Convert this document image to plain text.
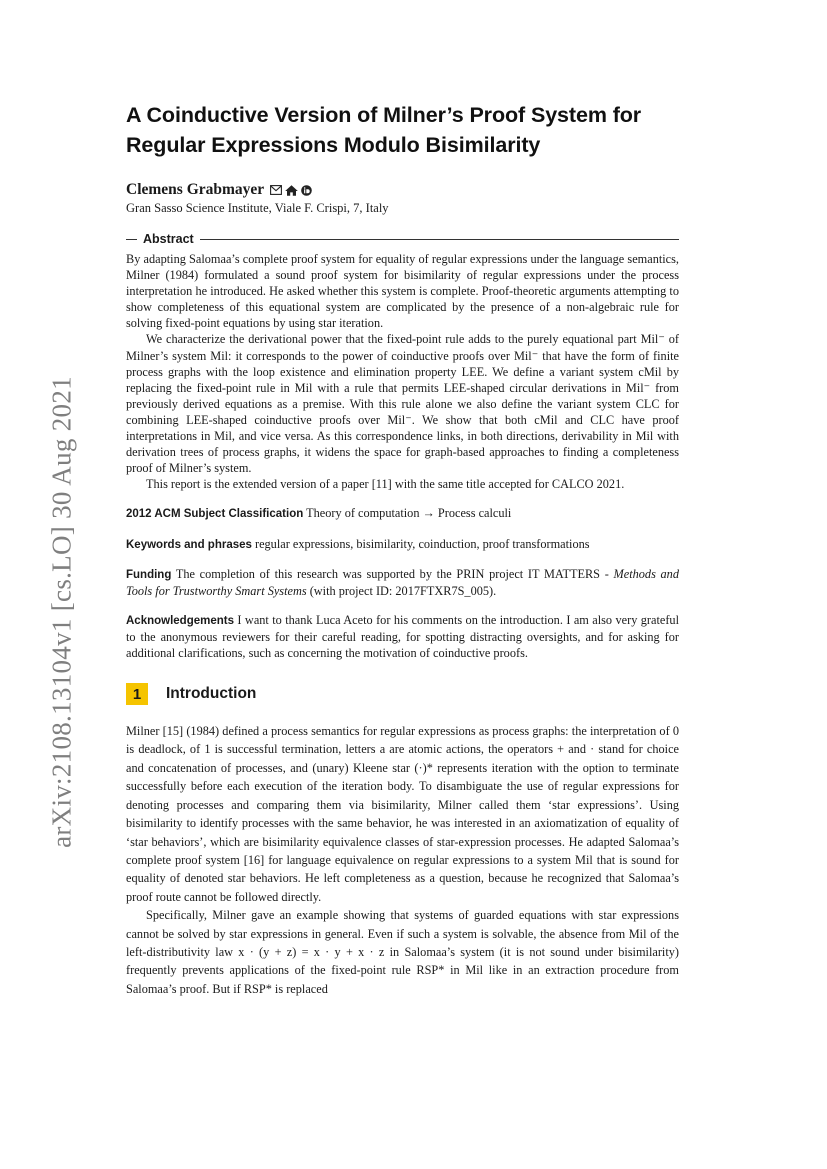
arXiv:2108.13104v1 [cs.LO] 30 Aug 2021
A Coinductive Version of Milner’s Proof System for Regular Expressions Modulo Bisimilarity
Clemens Grabmayer
Gran Sasso Science Institute, Viale F. Crispi, 7, Italy
Abstract

By adapting Salomaa’s complete proof system for equality of regular expressions under the language semantics, Milner (1984) formulated a sound proof system for bisimilarity of regular expressions under the process interpretation he introduced. He asked whether this system is complete. Proof-theoretic arguments attempting to show completeness of this equational system are complicated by the presence of a non-algebraic rule for solving fixed-point equations by using star iteration.

We characterize the derivational power that the fixed-point rule adds to the purely equational part Mil⁻ of Milner’s system Mil: it corresponds to the power of coinductive proofs over Mil⁻ that have the form of finite process graphs with the loop existence and elimination property LEE. We define a variant system cMil by replacing the fixed-point rule in Mil with a rule that permits LEE-shaped circular derivations in Mil⁻ from previously derived equations as a premise. With this rule alone we also define the variant system CLC for combining LEE-shaped coinductive proofs over Mil⁻. We show that both cMil and CLC have proof interpretations in Mil, and vice versa. As this correspondence links, in both directions, derivability in Mil with derivation trees of process graphs, it widens the space for graph-based approaches to finding a completeness proof of Milner’s system.

This report is the extended version of a paper [11] with the same title accepted for CALCO 2021.

2012 ACM Subject Classification Theory of computation → Process calculi

Keywords and phrases regular expressions, bisimilarity, coinduction, proof transformations

Funding The completion of this research was supported by the PRIN project IT MATTERS - Methods and Tools for Trustworthy Smart Systems (with project ID: 2017FTXR7S_005).

Acknowledgements I want to thank Luca Aceto for his comments on the introduction. I am also very grateful to the anonymous reviewers for their careful reading, for spotting distracting oversights, and for asking for additional clarifications, such as concerning the motivation of coinductive proofs.

1	Introduction

Milner [15] (1984) defined a process semantics for regular expressions as process graphs: the interpretation of 0 is deadlock, of 1 is successful termination, letters a are atomic actions, the operators + and · stand for choice and concatenation of processes, and (unary) Kleene star (·)* represents iteration with the option to terminate successfully before each execution of the iteration body. To disambiguate the use of regular expressions for denoting processes and comparing them via bisimilarity, Milner called them ‘star expressions’. Using bisimilarity to identify processes with the same behavior, he was interested in an axiomatization of equality of ‘star behaviors’, which are bisimilarity equivalence classes of star-expression processes. He adapted Salomaa’s complete proof system [16] for language equivalence on regular expressions to a system Mil that is sound for equality of denoted star behaviors. He left completeness as a question, because he recognized that Salomaa’s proof route cannot be followed directly.

Specifically, Milner gave an example showing that systems of guarded equations with star expressions cannot be solved by star expressions in general. Even if such a system is solvable, the absence from Mil of the left-distributivity law x · (y + z) = x · y + x · z in Salomaa’s system (it is not sound under bisimilarity) frequently prevents applications of the fixed-point rule RSP* in Mil like in an extraction procedure from Salomaa’s proof. But if RSP* is replaced
